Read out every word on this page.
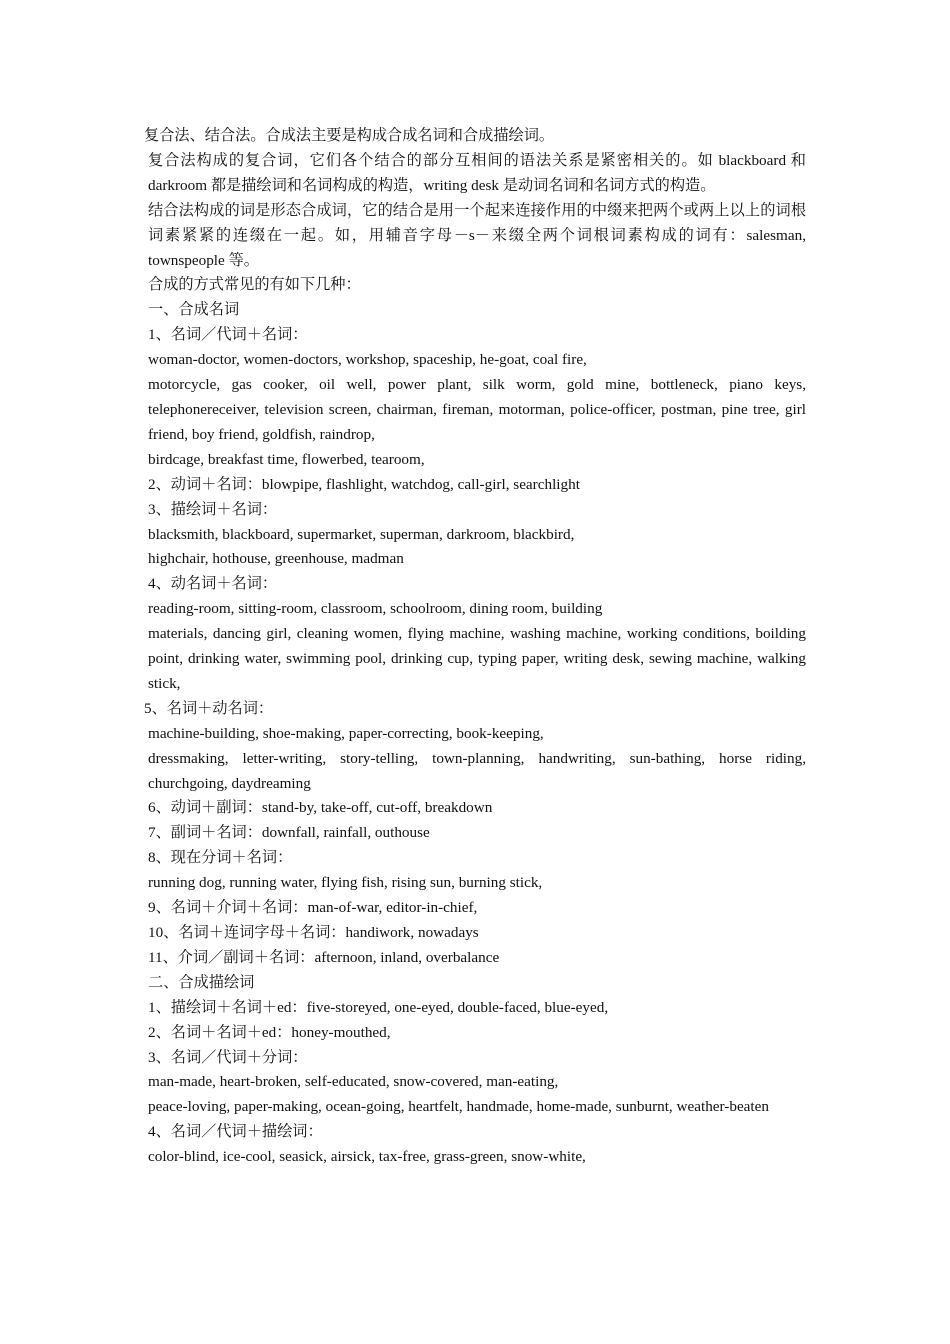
复合法、结合法。合成法主要是构成合成名词和合成描绘词。

复合法构成的复合词，它们各个结合的部分互相间的语法关系是紧密相关的。如 blackboard 和 darkroom 都是描绘词和名词构成的构造，writing desk 是动词名词和名词方式的构造。

结合法构成的词是形态合成词，它的结合是用一个起来连接作用的中缀来把两个或两上以上的词根词素紧紧的连缀在一起。如，用辅音字母－s－来缀全两个词根词素构成的词有：salesman, townspeople 等。

合成的方式常见的有如下几种：

一、合成名词

1、名词／代词＋名词：

woman-doctor, women-doctors, workshop, spaceship, he-goat, coal fire,

motorcycle, gas cooker, oil well, power plant, silk worm, gold mine, bottleneck, piano keys, telephonereceiver, television screen, chairman, fireman, motorman, police-officer, postman, pine tree, girl friend, boy friend, goldfish, raindrop,

birdcage, breakfast time, flowerbed, tearoom,

2、动词＋名词：blowpipe, flashlight, watchdog, call-girl, searchlight

3、描绘词＋名词：

blacksmith, blackboard, supermarket, superman, darkroom, blackbird,

highchair, hothouse, greenhouse, madman

4、动名词＋名词：

reading-room, sitting-room, classroom, schoolroom, dining room, building

materials, dancing girl, cleaning women, flying machine, washing machine, working conditions, boilding point, drinking water, swimming pool, drinking cup, typing paper, writing desk, sewing machine, walking stick,

5、名词＋动名词：

machine-building, shoe-making, paper-correcting, book-keeping,

dressmaking, letter-writing, story-telling, town-planning, handwriting, sun-bathing, horse riding, churchgoing, daydreaming

6、动词＋副词：stand-by, take-off, cut-off, breakdown

7、副词＋名词：downfall, rainfall, outhouse

8、现在分词＋名词：

running dog, running water, flying fish, rising sun, burning stick,

9、名词＋介词＋名词：man-of-war, editor-in-chief,

10、名词＋连词字母＋名词：handiwork, nowadays

11、介词／副词＋名词：afternoon, inland, overbalance

二、合成描绘词

1、描绘词＋名词＋ed：five-storeyed, one-eyed, double-faced, blue-eyed,

2、名词＋名词＋ed：honey-mouthed,

3、名词／代词＋分词：

man-made, heart-broken, self-educated, snow-covered, man-eating,

peace-loving, paper-making, ocean-going, heartfelt, handmade, home-made, sunburnt, weather-beaten

4、名词／代词＋描绘词：

color-blind, ice-cool, seasick, airsick, tax-free, grass-green, snow-white,
